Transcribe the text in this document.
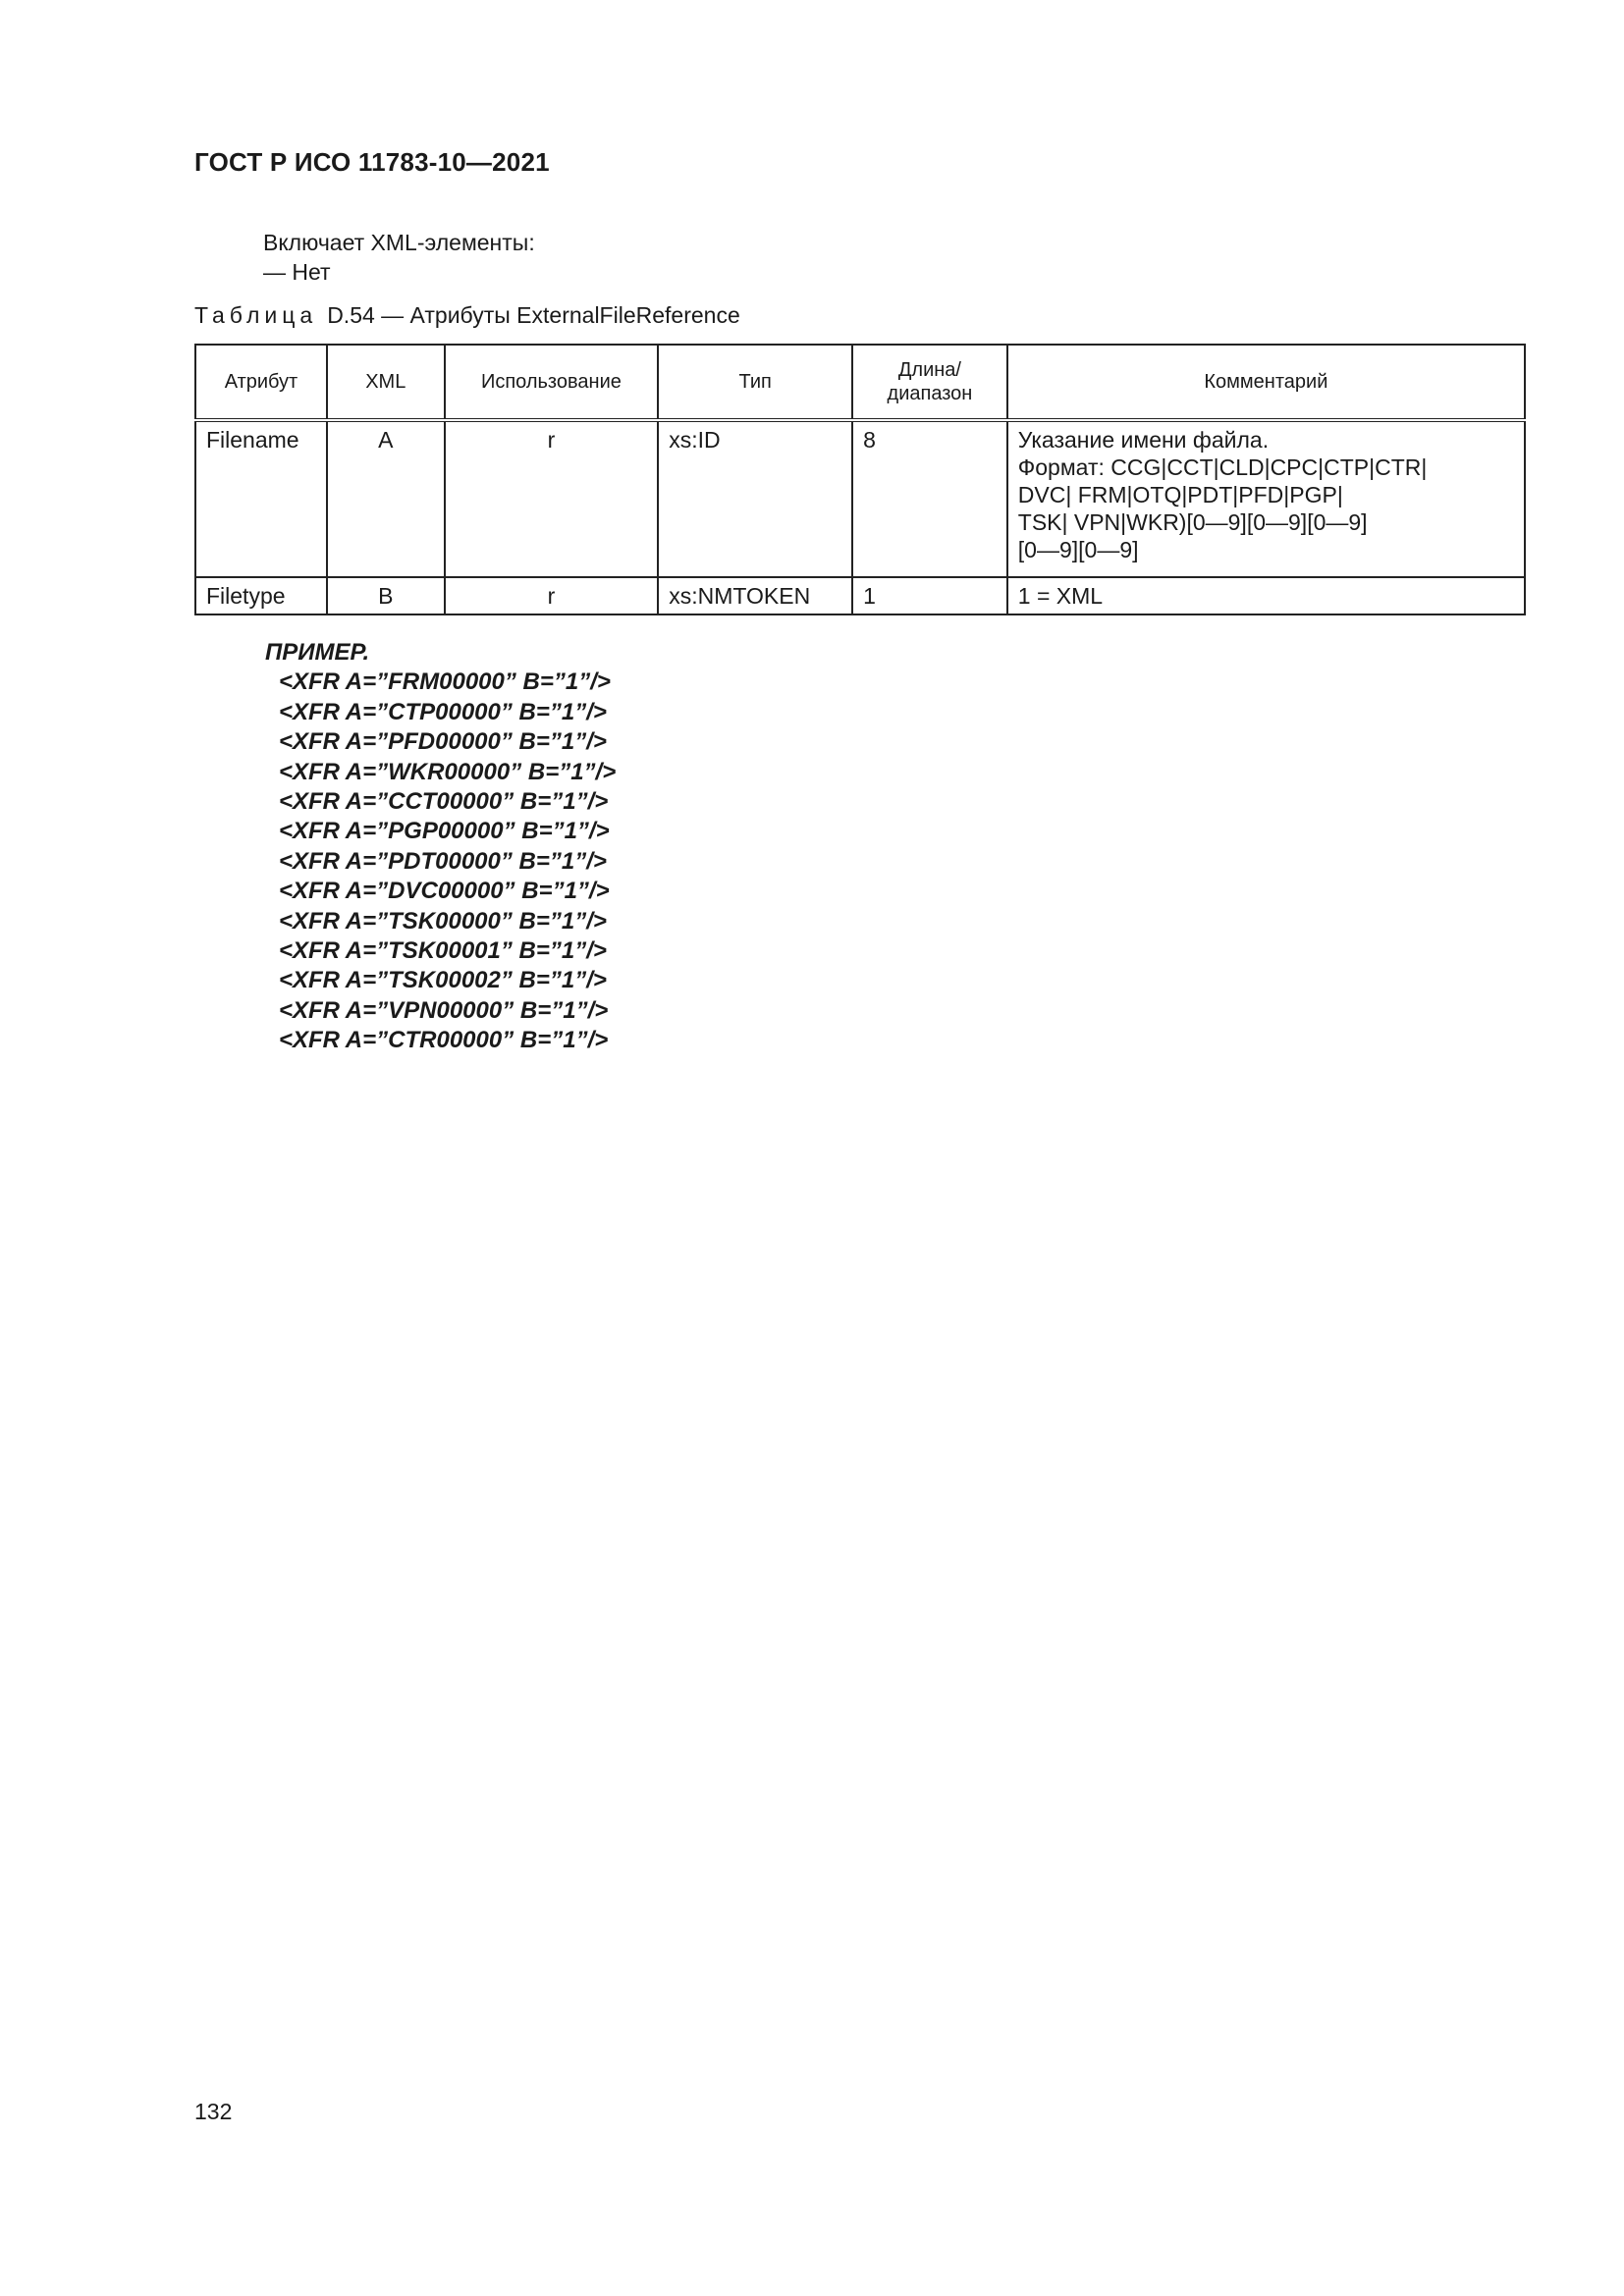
ГОСТ Р ИСО 11783-10—2021
Включает XML-элементы:
— Нет
Таблица D.54 — Атрибуты ExternalFileReference
Атрибут	XML	Использование	Тип	Длина/
диапазон	Комментарий
Filename	A	r	xs:ID	8	Указание имени файла.
Формат: CCG|CCT|CLD|CPC|CTP|CTR|
DVC| FRM|OTQ|PDT|PFD|PGP|
TSK| VPN|WKR)[0—9][0—9][0—9]
[0—9][0—9]

Filetype	B	r	xs:NMTOKEN	1	1 = XML
ПРИМЕР.
<XFR A=”FRM00000” B=”1”/>
<XFR A=”CTP00000” B=”1”/>
<XFR A=”PFD00000” B=”1”/>
<XFR A=”WKR00000” B=”1”/>
<XFR A=”CCT00000” B=”1”/>
<XFR A=”PGP00000” B=”1”/>
<XFR A=”PDT00000” B=”1”/>
<XFR A=”DVC00000” B=”1”/>
<XFR A=”TSK00000” B=”1”/>
<XFR A=”TSK00001” B=”1”/>
<XFR A=”TSK00002” B=”1”/>
<XFR A=”VPN00000” B=”1”/>
<XFR A=”CTR00000” B=”1”/>
132
